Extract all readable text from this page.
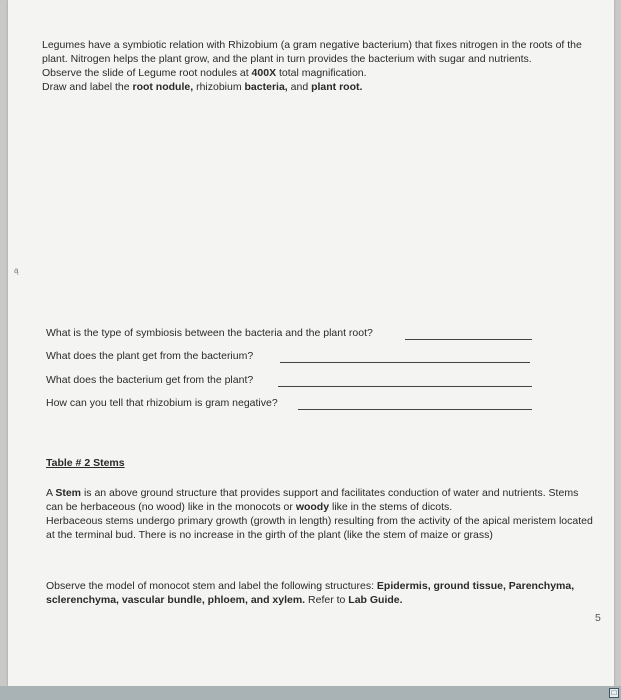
Legumes have a symbiotic relation with Rhizobium (a gram negative bacterium) that fixes nitrogen in the roots of the plant. Nitrogen helps the plant grow, and the plant in turn provides the bacterium with sugar and nutrients.

Observe the slide of Legume root nodules at 400X total magnification.

Draw and label the root nodule, rhizobium bacteria, and plant root.

ą
What is the type of symbiosis between the bacteria and the plant root?
What does the plant get from the bacterium?
What does the bacterium get from the plant?
How can you tell that rhizobium is gram negative?
Table # 2 Stems

A Stem is an above ground structure that provides support and facilitates conduction of water and nutrients. Stems can be herbaceous (no wood) like in the monocots or woody like in the stems of dicots.

Herbaceous stems undergo primary growth (growth in length) resulting from the activity of the apical meristem located at the terminal bud. There is no increase in the girth of the plant (like the stem of maize or grass)

Observe the model of monocot stem and label the following structures: Epidermis, ground tissue, Parenchyma, sclerenchyma, vascular bundle, phloem, and xylem. Refer to Lab Guide.

5
□
